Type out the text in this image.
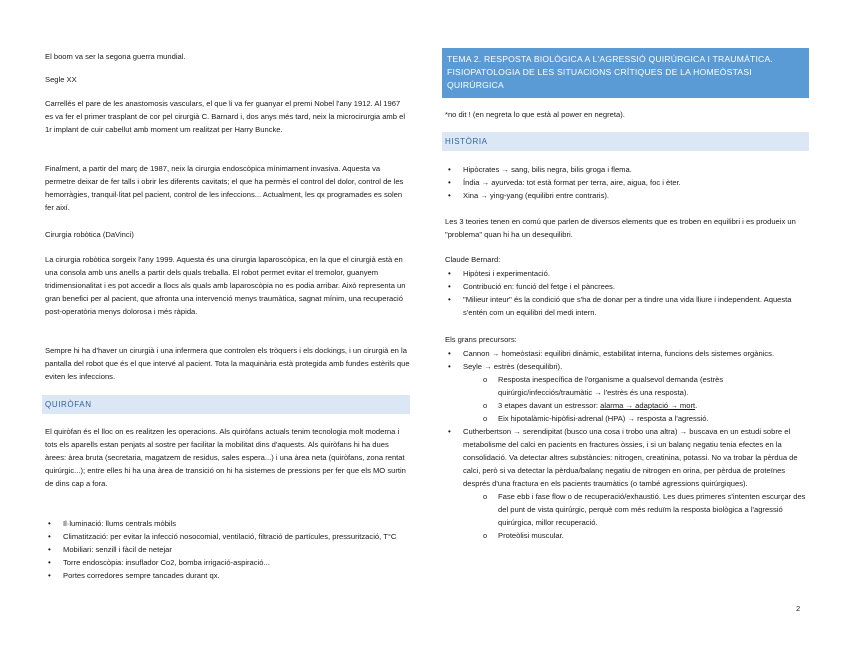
El boom va ser la segona guerra mundial.

Segle XX

Carrellés el pare de les anastomosis vasculars, el que li va fer guanyar el premi Nobel l'any 1912. Al 1967 es va fer el primer trasplant de cor pel cirurgià C. Barnard i, dos anys més tard, neix la microcirurgia amb el 1r implant de cuir cabellut amb moment um realitzat per Harry Buncke.

Finalment, a partir del març de 1987, neix la cirurgia endoscòpica mínimament invasiva. Aquesta va permetre deixar de fer talls i obrir les diferents cavitats; el que ha permès el control del dolor, control de les hemorràgies, tranquil·litat pel pacient, control de les infeccions... Actualment, les qx programades es solen fer així.

Cirurgia robòtica (DaVinci)

La cirurgia robòtica sorgeix l'any 1999. Aquesta és una cirurgia laparoscòpica, en la que el cirurgià està en una consola amb uns anells a partir dels quals treballa. El robot permet evitar el tremolor, guanyem tridimensionalitat i es pot accedir a llocs als quals amb laparoscòpia no es podia arribar. Això representa un gran benefici per al pacient, que afronta una intervenció menys traumàtica, sagnat mínim, una recuperació post-operatòria menys dolorosa i més ràpida.

Sempre hi ha d'haver un cirurgià i una infermera que controlen els tròquers i els dockings, i un cirurgià en la pantalla del robot que és el que intervé al pacient. Tota la maquinària està protegida amb fundes estèrils que eviten les infeccions.

QUIRÒFAN

El quiròfan és el lloc on es realitzen les operacions. Als quiròfans actuals tenim tecnologia molt moderna i tots els aparells estan penjats al sostre per facilitar la mobilitat dins d'aquests. Als quiròfans hi ha dues àrees: àrea bruta (secretaria, magatzem de residus, sales espera...) i una àrea neta (quiròfans, zona rentat quirúrgic...); entre elles hi ha una àrea de transició on hi ha sistemes de pressions per fer que els MO surtin de dins cap a fora.

• Il·luminació: llums centrals mòbils
• Climatització: per evitar la infecció nosocomial, ventilació, filtració de partícules, pressurització, T°C
• Mobiliari: senzill i fàcil de netejar
• Torre endoscòpia: insuflador Co2, bomba irrigació-aspiració...
• Portes corredores sempre tancades durant qx.
TEMA 2. RESPOSTA BIOLÒGICA A L'AGRESSIÓ QUIRÚRGICA I TRAUMÀTICA. FISIOPATOLOGIA DE LES SITUACIONS CRÍTIQUES DE LA HOMEÒSTASI QUIRÚRGICA

*no dit ! (en negreta lo que està al power en negreta).

HISTÒRIA
• Hipòcrates → sang, bilis negra, bilis groga i flema.
• Índia → ayurveda: tot està format per terra, aire, aigua, foc i èter.
• Xina → ying-yang (equilibri entre contraris).

Les 3 teories tenen en comú que parlen de diversos elements que es troben en equilibri i es produeix un "problema" quan hi ha un desequilibri.

Claude Bernard:

• Hipòtesi i experimentació.
• Contribució en: funció del fetge i el pàncrees.
• "Milieur inteur" és la condició que s'ha de donar per a tindre una vida lliure i independent. Aquesta s'entén com un equilibri del medi intern.

Els grans precursors:

• Cannon → homeòstasi: equilibri dinàmic, estabilitat interna, funcions dels sistemes orgànics.
• Seyle → estrès (desequilibri).
o Resposta inespecífica de l'organisme a qualsevol demanda (estrès quirúrgic/infecciós/traumàtic → l'estrès és una resposta).
o 3 etapes davant un estressor: alarma → adaptació → mort.
o Eix hipotalàmic-hipòfisi-adrenal (HPA) → resposta a l'agressió.
• Cutherbertson → serendipitat (busco una cosa i trobo una altra) → buscava en un estudi sobre el metabolisme del calci en pacients en fractures òssies, i si un balanç negatiu tenia efectes en la consolidació. Va detectar altres substàncies: nitrogen, creatinina, potassi. No va trobar la pèrdua de calci, però si va detectar la pèrdua/balanç negatiu de nitrogen en orina, per pèrdua de proteïnes després d'una fractura en els pacients traumàtics (o també agressions quirúrgiques).
o Fase ebb i fase flow o de recuperació/exhaustió. Les dues primeres s'intenten escurçar des del punt de vista quirúrgic, perquè com més reduïm la resposta biològica a l'agressió quirúrgica, millor recuperació.
o Proteòlisi muscular.
2
